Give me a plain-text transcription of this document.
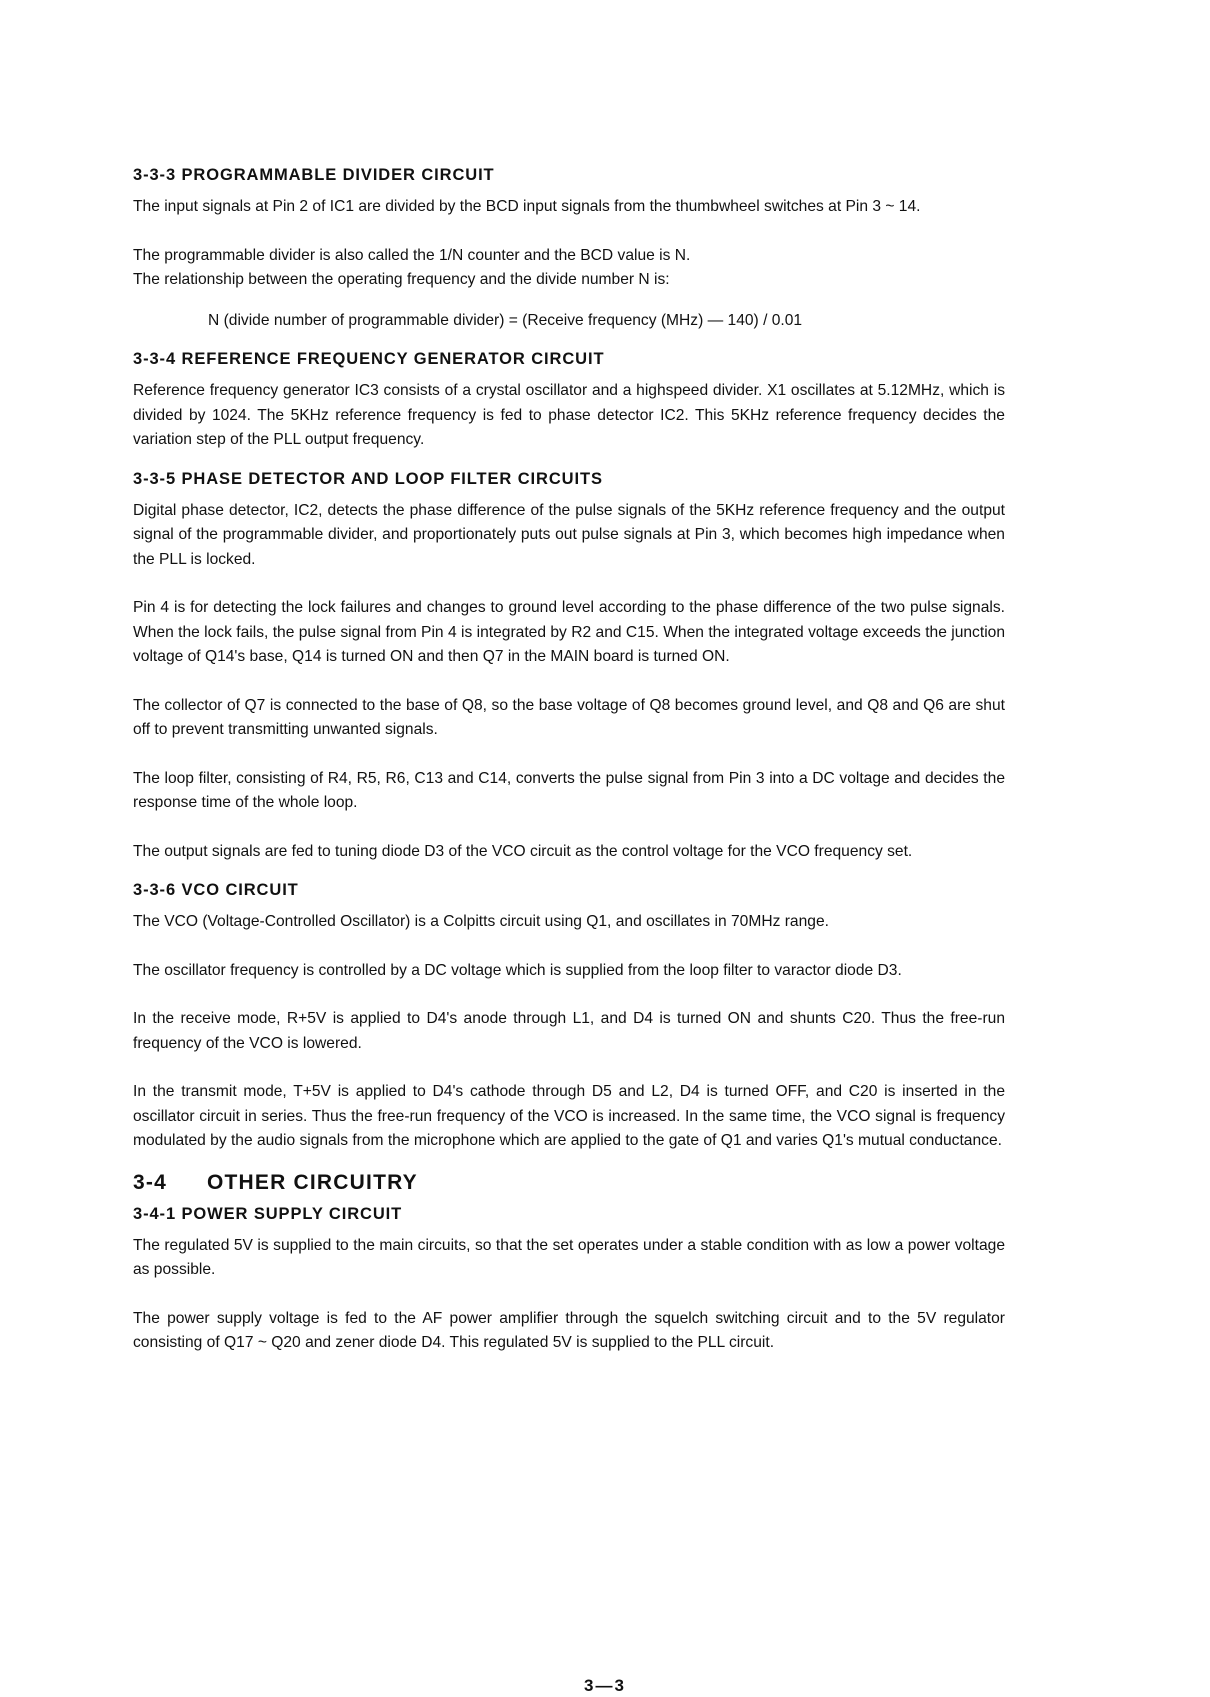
3-3-3 PROGRAMMABLE DIVIDER CIRCUIT
The input signals at Pin 2 of IC1 are divided by the BCD input signals from the thumbwheel switches at Pin 3 ~ 14.
The programmable divider is also called the 1/N counter and the BCD value is N.
The relationship between the operating frequency and the divide number N is:
N (divide number of programmable divider) = (Receive frequency (MHz) — 140) / 0.01
3-3-4 REFERENCE FREQUENCY GENERATOR CIRCUIT
Reference frequency generator IC3 consists of a crystal oscillator and a highspeed divider. X1 oscillates at 5.12MHz, which is divided by 1024. The 5KHz reference frequency is fed to phase detector IC2. This 5KHz reference frequency decides the variation step of the PLL output frequency.
3-3-5 PHASE DETECTOR AND LOOP FILTER CIRCUITS
Digital phase detector, IC2, detects the phase difference of the pulse signals of the 5KHz reference frequency and the output signal of the programmable divider, and proportionately puts out pulse signals at Pin 3, which becomes high impedance when the PLL is locked.
Pin 4 is for detecting the lock failures and changes to ground level according to the phase difference of the two pulse signals. When the lock fails, the pulse signal from Pin 4 is integrated by R2 and C15. When the integrated voltage exceeds the junction voltage of Q14's base, Q14 is turned ON and then Q7 in the MAIN board is turned ON.
The collector of Q7 is connected to the base of Q8, so the base voltage of Q8 becomes ground level, and Q8 and Q6 are shut off to prevent transmitting unwanted signals.
The loop filter, consisting of R4, R5, R6, C13 and C14, converts the pulse signal from Pin 3 into a DC voltage and decides the response time of the whole loop.
The output signals are fed to tuning diode D3 of the VCO circuit as the control voltage for the VCO frequency set.
3-3-6 VCO CIRCUIT
The VCO (Voltage-Controlled Oscillator) is a Colpitts circuit using Q1, and oscillates in 70MHz range.
The oscillator frequency is controlled by a DC voltage which is supplied from the loop filter to varactor diode D3.
In the receive mode, R+5V is applied to D4's anode through L1, and D4 is turned ON and shunts C20. Thus the free-run frequency of the VCO is lowered.
In the transmit mode, T+5V is applied to D4's cathode through D5 and L2, D4 is turned OFF, and C20 is inserted in the oscillator circuit in series. Thus the free-run frequency of the VCO is increased. In the same time, the VCO signal is frequency modulated by the audio signals from the microphone which are applied to the gate of Q1 and varies Q1's mutual conductance.
3-4 OTHER CIRCUITRY
3-4-1 POWER SUPPLY CIRCUIT
The regulated 5V is supplied to the main circuits, so that the set operates under a stable condition with as low a power voltage as possible.
The power supply voltage is fed to the AF power amplifier through the squelch switching circuit and to the 5V regulator consisting of Q17 ~ Q20 and zener diode D4. This regulated 5V is supplied to the PLL circuit.
3—3
